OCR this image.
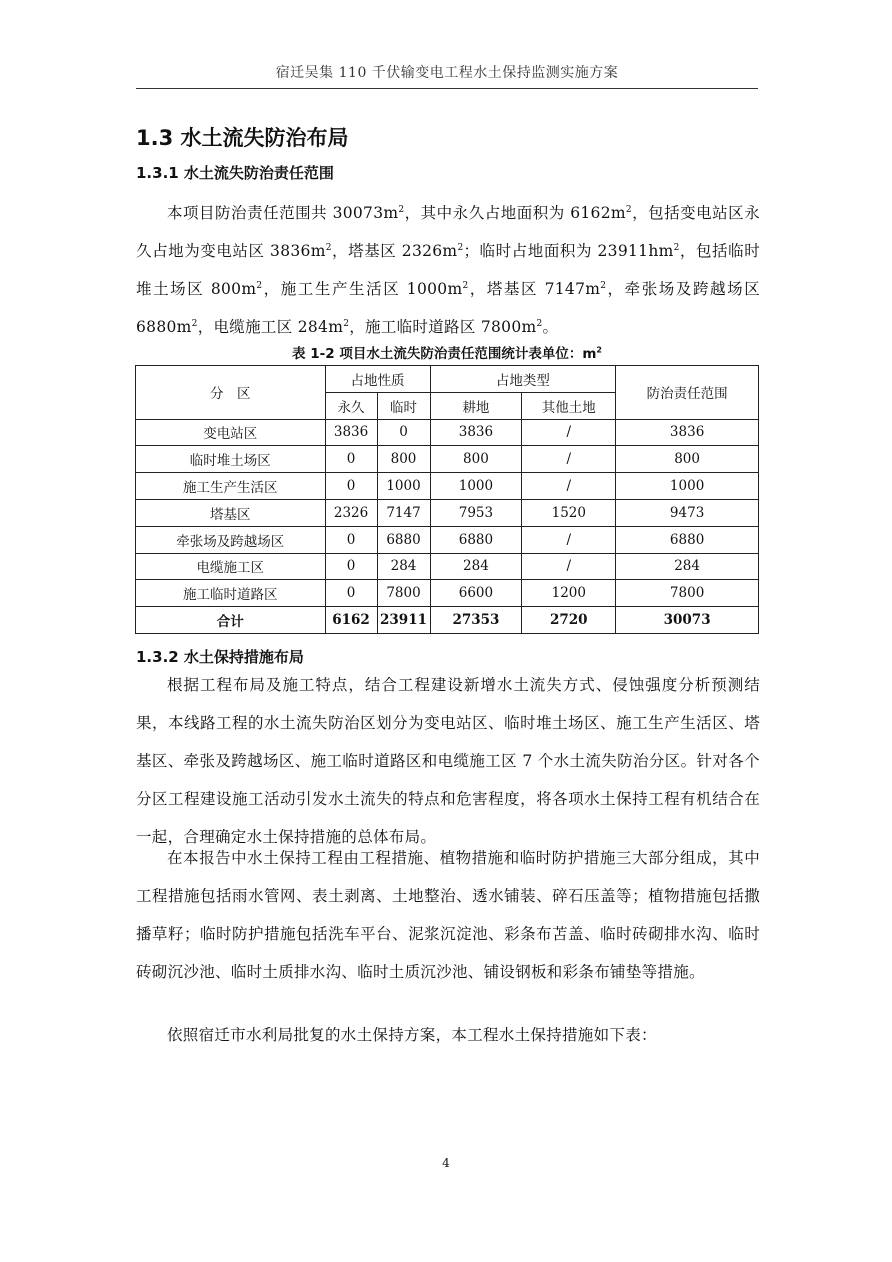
宿迁吴集 110 千伏输变电工程水土保持监测实施方案
1.3 水土流失防治布局
1.3.1 水土流失防治责任范围
本项目防治责任范围共 $30073m^2$，其中永久占地面积为 $6162m^2$，包括变电站区永久占地为变电站区 $3836m^2$，塔基区 $2326m^2$；临时占地面积为 $23911hm^2$，包括临时堆土场区 $800m^2$，施工生产生活区 $1000m^2$，塔基区 $7147m^2$，牵张场及跨越场区 $6880m^2$，电缆施工区 $284m^2$，施工临时道路区 $7800m^2$。
表 1-2 项目水土流失防治责任范围统计表单位：$m^2$
分　区	占地性质		占地类型		防治责任范围
	永久	临时	耕地	其他土地	
变电站区	3836	0	3836	/	3836
临时堆土场区	0	800	800	/	800
施工生产生活区	0	1000	1000	/	1000
塔基区	2326	7147	7953	1520	9473
牵张场及跨越场区	0	6880	6880	/	6880
电缆施工区	0	284	284	/	284
施工临时道路区	0	7800	6600	1200	7800
合计	6162	23911	27353	2720	30073
1.3.2 水土保持措施布局
根据工程布局及施工特点，结合工程建设新增水土流失方式、侵蚀强度分析预测结果，本线路工程的水土流失防治区划分为变电站区、临时堆土场区、施工生产生活区、塔基区、牵张及跨越场区、施工临时道路区和电缆施工区 7 个水土流失防治分区。针对各个分区工程建设施工活动引发水土流失的特点和危害程度，将各项水土保持工程有机结合在一起，合理确定水土保持措施的总体布局。
在本报告中水土保持工程由工程措施、植物措施和临时防护措施三大部分组成，其中工程措施包括雨水管网、表土剥离、土地整治、透水铺装、碎石压盖等；植物措施包括撒播草籽；临时防护措施包括洗车平台、泥浆沉淀池、彩条布苫盖、临时砖砌排水沟、临时砖砌沉沙池、临时土质排水沟、临时土质沉沙池、铺设钢板和彩条布铺垫等措施。
依照宿迁市水利局批复的水土保持方案，本工程水土保持措施如下表：
4
